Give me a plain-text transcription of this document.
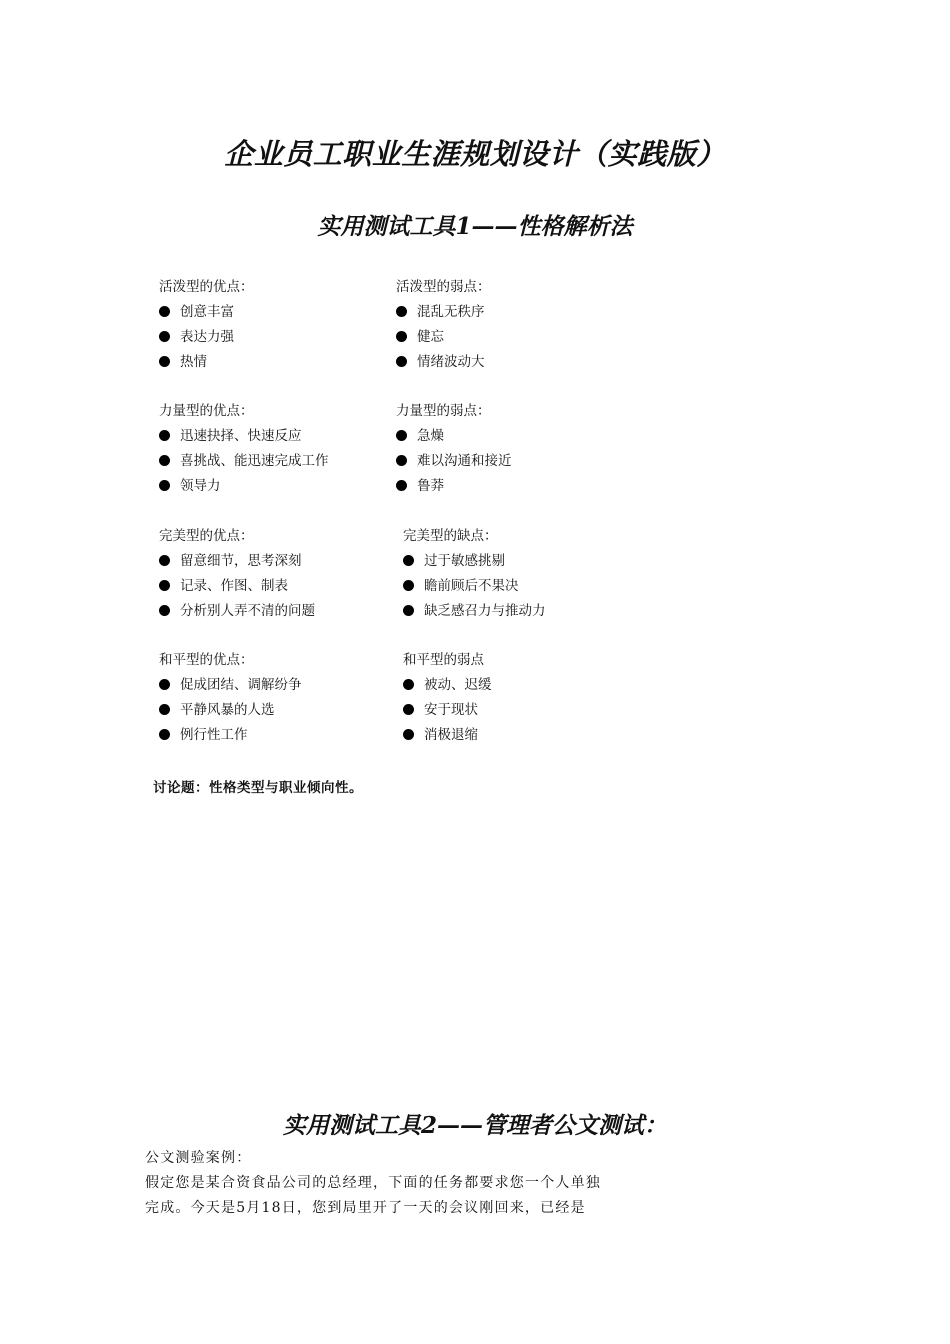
企业员工职业生涯规划设计（实践版）
实用测试工具1——性格解析法
活泼型的优点：
创意丰富
表达力强
热情
活泼型的弱点：
混乱无秩序
健忘
情绪波动大
力量型的优点：
迅速抉择、快速反应
喜挑战、能迅速完成工作
领导力
力量型的弱点：
急燥
难以沟通和接近
鲁莽
完美型的优点：
留意细节，思考深刻
记录、作图、制表
分析别人弄不清的问题
完美型的缺点：
过于敏感挑剔
瞻前顾后不果决
缺乏感召力与推动力
和平型的优点：
促成团结、调解纷争
平静风暴的人选
例行性工作
和平型的弱点
被动、迟缓
安于现状
消极退缩
讨论题：性格类型与职业倾向性。
实用测试工具2——管理者公文测试：
公文测验案例：
假定您是某合资食品公司的总经理，下面的任务都要求您一个人单独
完成。今天是5月18日，您到局里开了一天的会议刚回来，已经是
